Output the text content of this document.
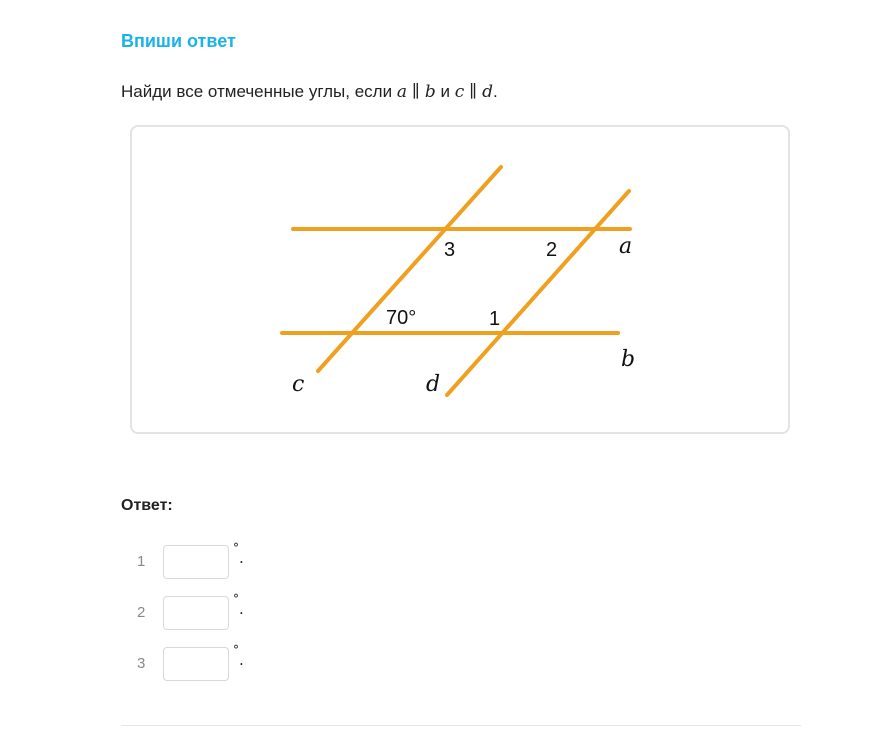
Впиши ответ
Найди все отмеченные углы, если a ∥ b и c ∥ d.
3	2
70°	1
a
b
c	d
Ответ:
1
°.
2
°.
3
°.
